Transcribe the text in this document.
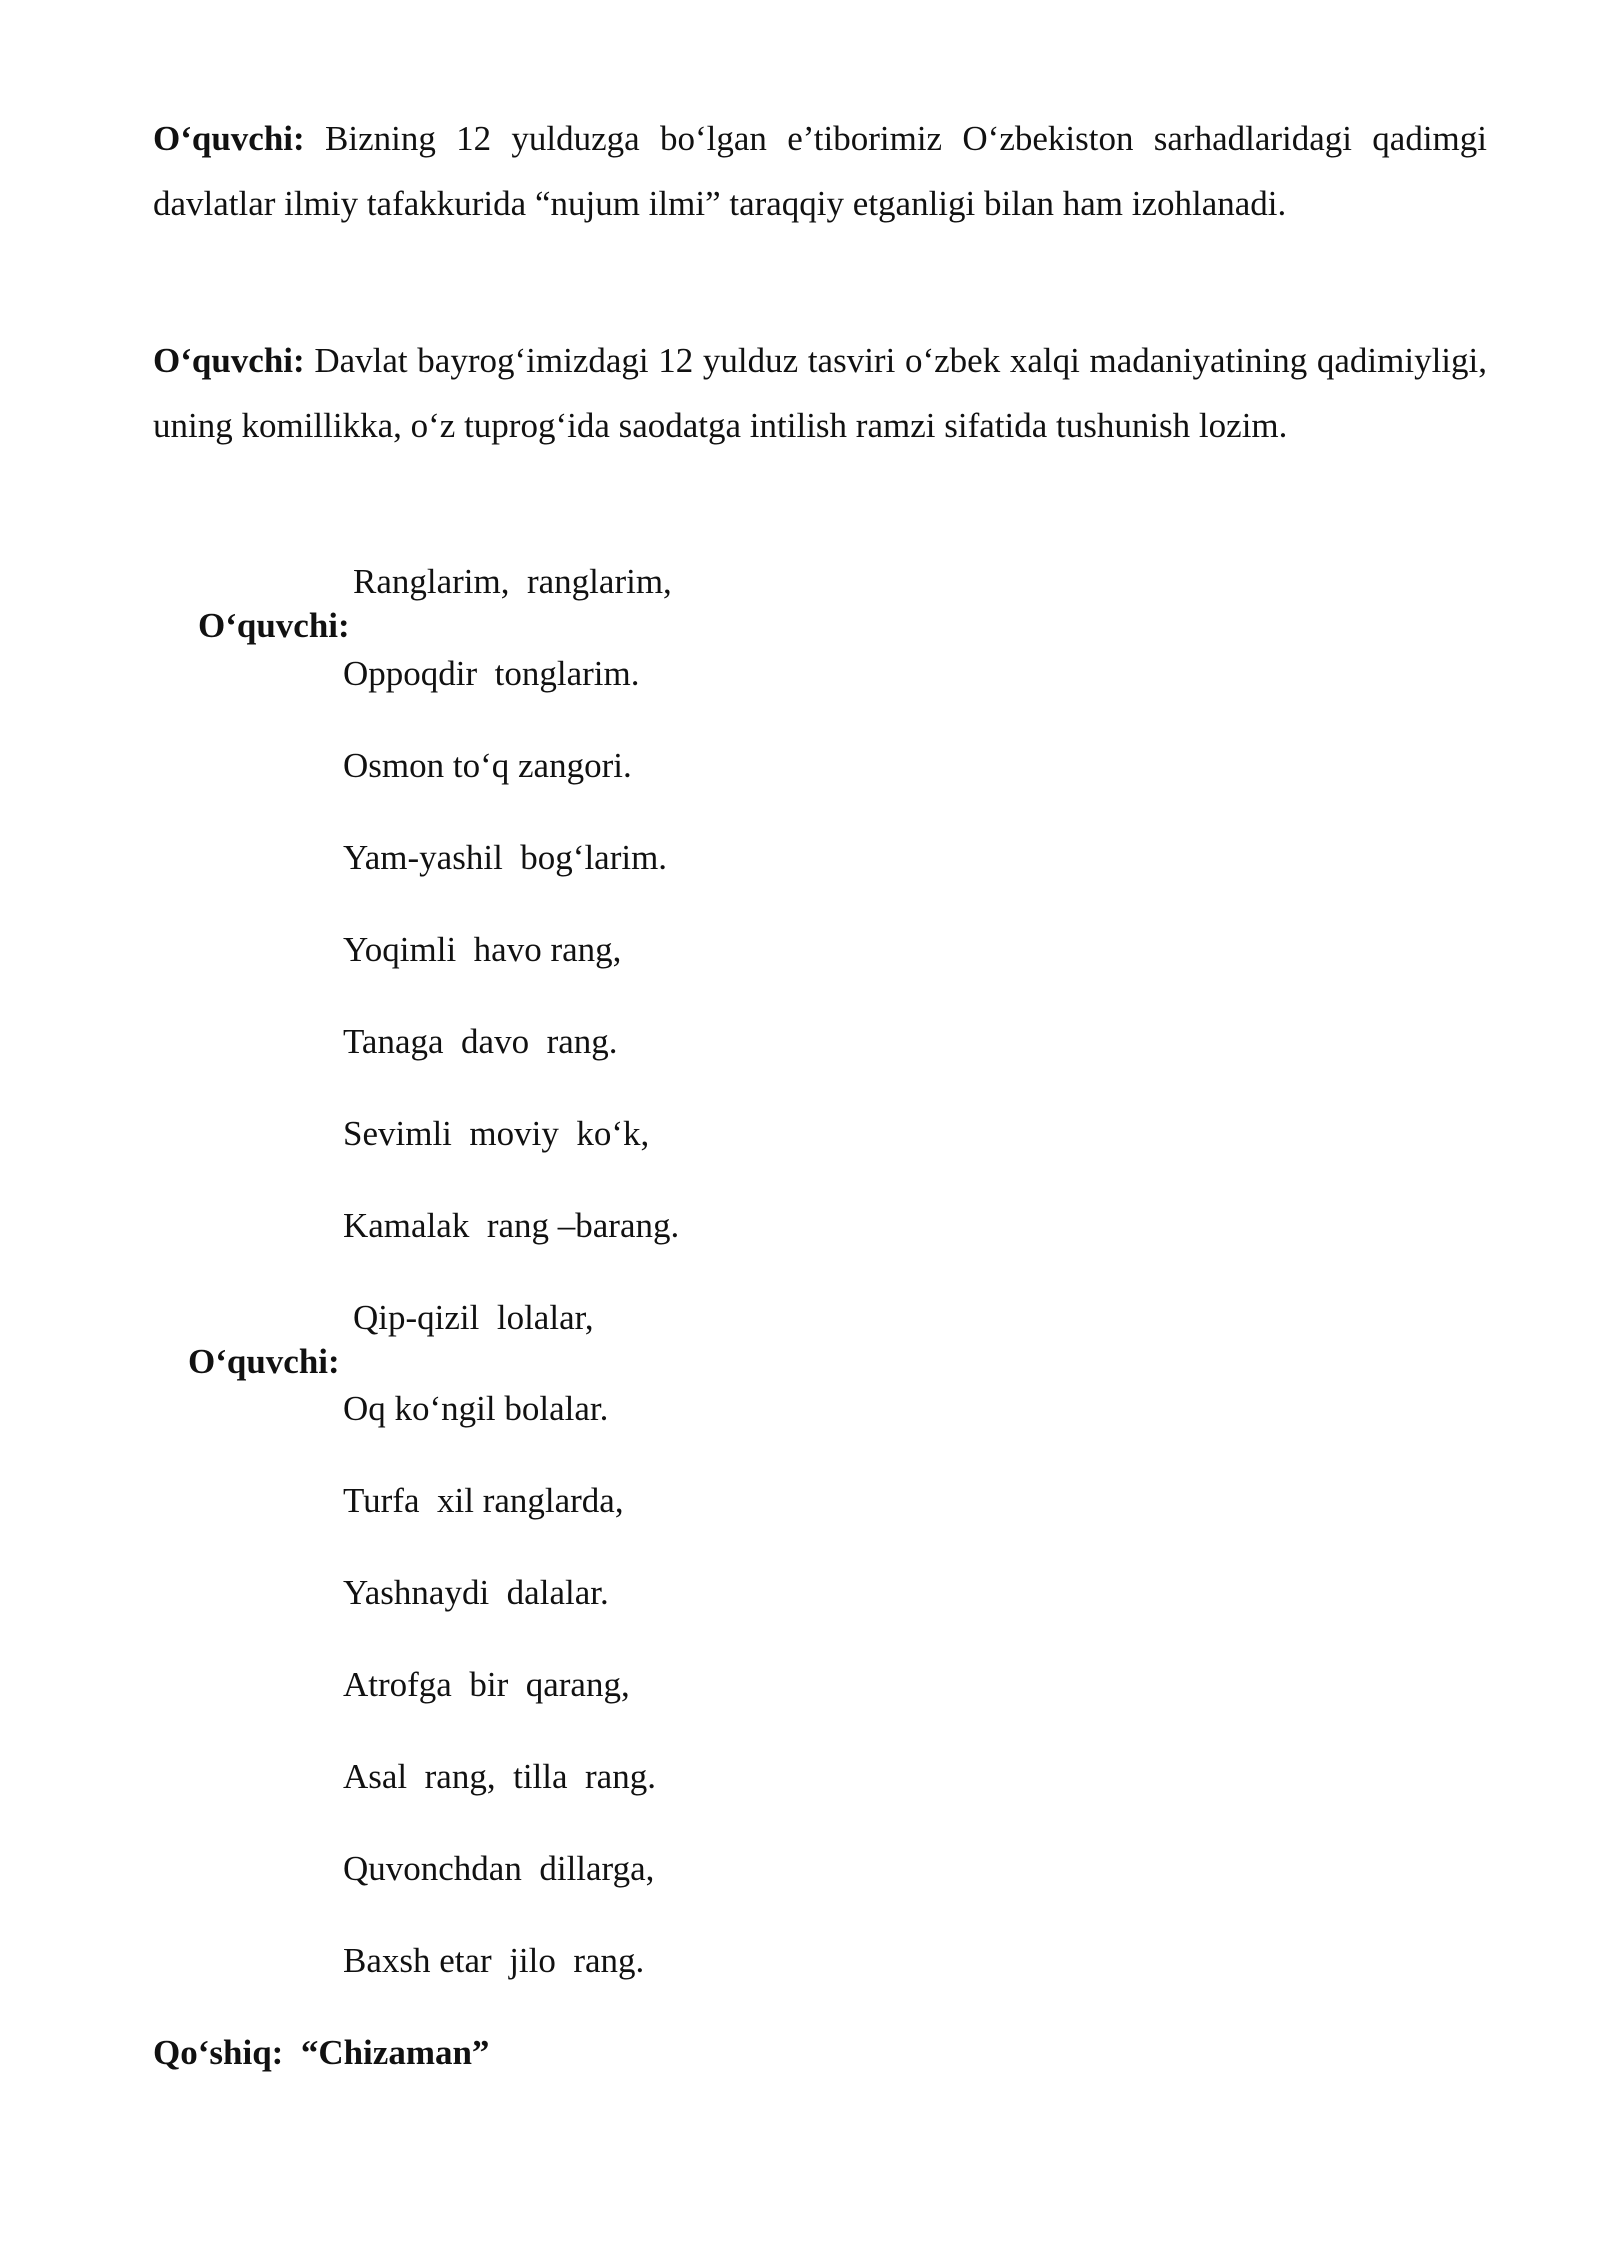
O‘quvchi: Bizning 12 yulduzga bo‘lgan e’tiborimiz O‘zbekiston sarhadlaridagi qadimgi davlatlar ilmiy tafakkurida “nujum ilmi” taraqqiy etganligi bilan ham izohlanadi.

O‘quvchi: Davlat bayrog‘imizdagi 12 yulduz tasviri o‘zbek xalqi madaniyatining qadimiyligi, uning komillikka, o‘z tuprog‘ida saodatga intilish ramzi sifatida tushunish lozim.

O‘quvchi:

Ranglarim,  ranglarim,
Oppoqdir  tonglarim.
Osmon to‘q zangori.
Yam-yashil  bog‘larim.
Yoqimli  havo rang,
Tanaga  davo  rang.
Sevimli  moviy  ko‘k,
Kamalak  rang –barang.

O‘quvchi:

Qip-qizil  lolalar,
Oq ko‘ngil bolalar.
Turfa  xil ranglarda,
Yashnaydi  dalalar.
Atrofga  bir  qarang,
Asal  rang,  tilla  rang.
Quvonchdan  dillarga,
Baxsh etar  jilo  rang.
Qo‘shiq: “Chizaman”
